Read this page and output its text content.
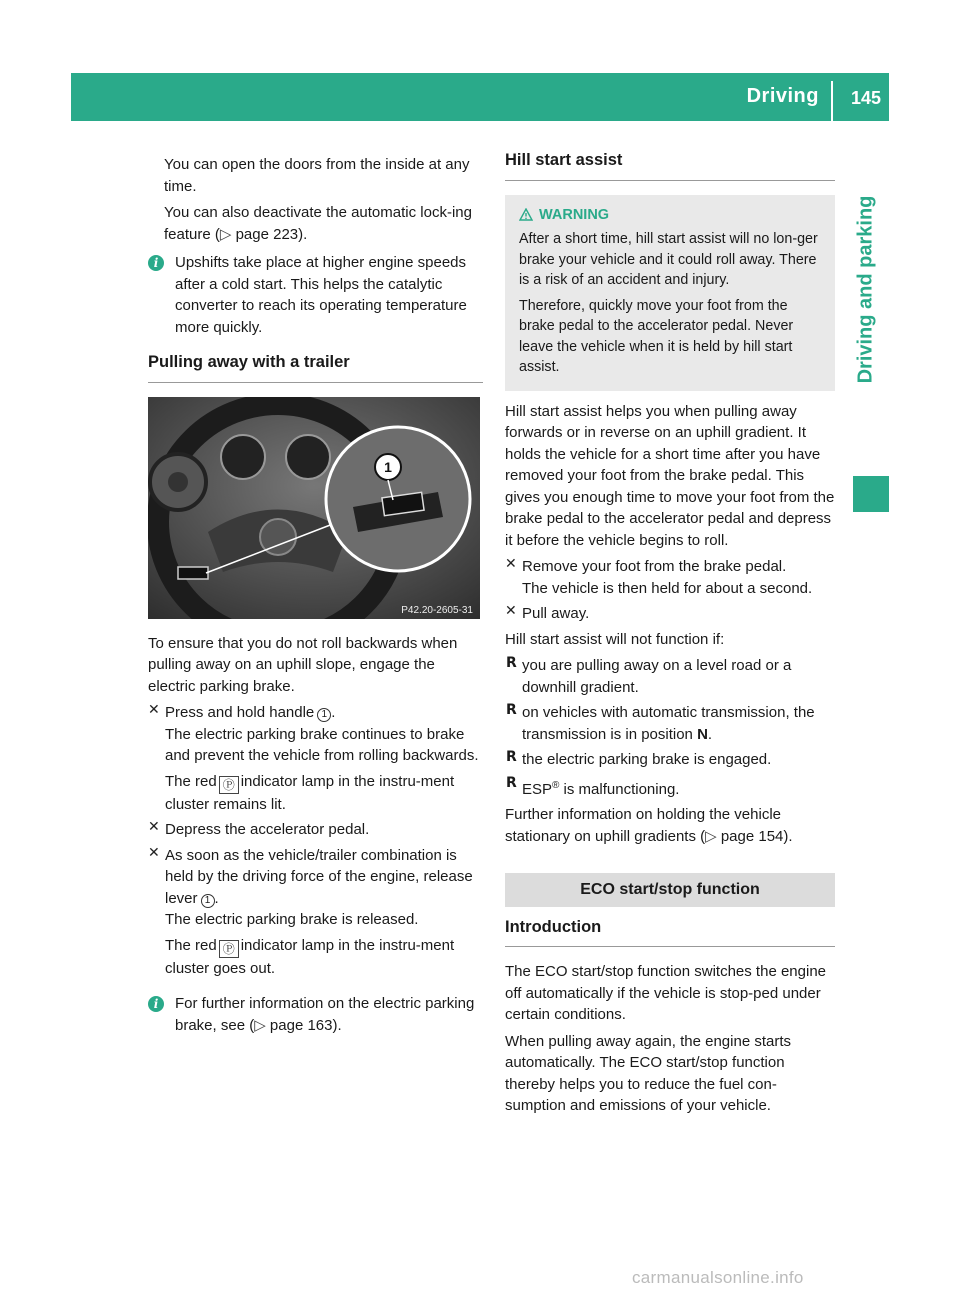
Driving 145
Driving and parking

You can open the doors from the inside at any time.

You can also deactivate the automatic lock-ing feature (▷ page 223).

i	Upshifts take place at higher engine speeds after a cold start. This helps the catalytic converter to reach its operating temperature more quickly.
Pulling away with a trailer
1
P42.20-2605-31

To ensure that you do not roll backwards when pulling away on an uphill slope, engage the electric parking brake.

✕ Press and hold handle 1 .
The electric parking brake continues to brake and prevent the vehicle from rolling backwards.
The red Ⓟ indicator lamp in the instru-ment cluster remains lit.
✕ Depress the accelerator pedal.
✕ As soon as the vehicle/trailer combination is held by the driving force of the engine, release lever 1 .
The electric parking brake is released.
The red Ⓟ indicator lamp in the instru-ment cluster goes out.
i	For further information on the electric parking brake, see (▷ page 163).
Hill start assist
WARNING

After a short time, hill start assist will no lon-ger brake your vehicle and it could roll away. There is a risk of an accident and injury.

Therefore, quickly move your foot from the brake pedal to the accelerator pedal. Never leave the vehicle when it is held by hill start assist.

Hill start assist helps you when pulling away forwards or in reverse on an uphill gradient. It holds the vehicle for a short time after you have removed your foot from the brake pedal. This gives you enough time to move your foot from the brake pedal to the accelerator pedal and depress it before the vehicle begins to roll.

✕ Remove your foot from the brake pedal.
The vehicle is then held for about a second.
✕ Pull away.

Hill start assist will not function if:

R you are pulling away on a level road or a downhill gradient.
R on vehicles with automatic transmission, the transmission is in position N.
R the electric parking brake is engaged.
R ESP® is malfunctioning.

Further information on holding the vehicle stationary on uphill gradients (▷ page 154).

ECO start/stop function
Introduction

The ECO start/stop function switches the engine off automatically if the vehicle is stop-ped under certain conditions.

When pulling away again, the engine starts automatically. The ECO start/stop function thereby helps you to reduce the fuel con-sumption and emissions of your vehicle.

carmanualsonline.info
